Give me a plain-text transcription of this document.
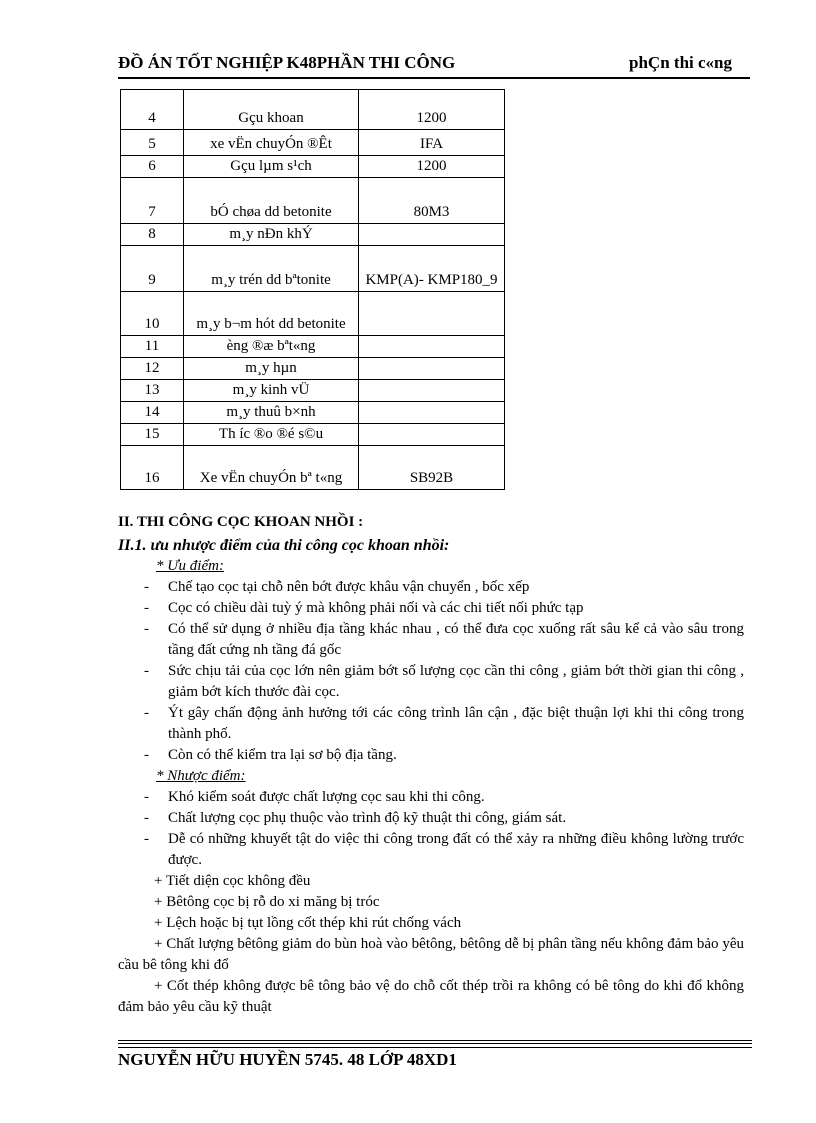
ĐỒ ÁN TỐT NGHIỆP K48PHẦN THI CÔNG	phÇn thi c«ng
4	Gçu khoan	1200
5	xe vËn chuyÓn ®Êt	IFA
6	Gçu lµm s¹ch	1200
7	bÓ chøa dd betonite	80M3
8	m¸y nÐn khÝ	
9	m¸y trén dd bªtonite	KMP(A)- KMP180_9
10	m¸y b¬m hót dd betonite	
11	èng ®æ bªt«ng	
12	m¸y hµn	
13	m¸y kinh vÜ	
14	m¸y thuû b×nh	
15	Th íc ®o ®é s©u	
16	Xe vËn chuyÓn bª t«ng	SB92B
II. THI CÔNG CỌC KHOAN NHỒI :
II.1. ưu nhược điểm của thi công cọc khoan nhồi:
* Ưu điểm:
- Chế tạo cọc tại chỗ nên bớt được khâu vận chuyển , bốc xếp
- Cọc có chiều dài tuỳ ý mà không phải nối và các chi tiết nối phức tạp
- Có thể sử dụng ở nhiều địa tầng khác nhau , có thể đưa cọc xuống rất sâu kể cả vào sâu trong tầng đất cứng nh tầng đá gốc
- Sức chịu tải của cọc lớn nên giảm bớt số lượng cọc cần thi công , giảm bớt thời gian thi công , giảm bớt kích thước đài cọc.
- Ýt gây chấn động ảnh hưởng tới các công trình lân cận , đặc biệt thuận lợi khi thi công trong thành phố.
- Còn có thể kiểm tra lại sơ bộ địa tầng.
* Nhược điểm:
- Khó kiểm soát được chất lượng cọc sau khi thi công.
- Chất lượng cọc phụ thuộc vào trình độ kỹ thuật thi công, giám sát.
- Dễ có những khuyết tật do việc thi công trong đất có thể xảy ra những điều không lường trước được.
+ Tiết diện cọc không đều
+ Bêtông cọc bị rỗ do xi măng bị tróc
+ Lệch hoặc bị tụt lồng cốt thép khi rút chống vách
+ Chất lượng bêtông giảm do bùn hoà vào bêtông, bêtông dễ bị phân tầng nếu không đảm bảo yêu cầu bê tông khi đổ
+ Cốt thép không được bê tông bảo vệ do chỗ cốt thép trồi ra không có bê tông do khi đổ không đảm bảo yêu cầu kỹ thuật
NGUYỄN HỮU HUYỀN 5745. 48 LỚP 48XD1
